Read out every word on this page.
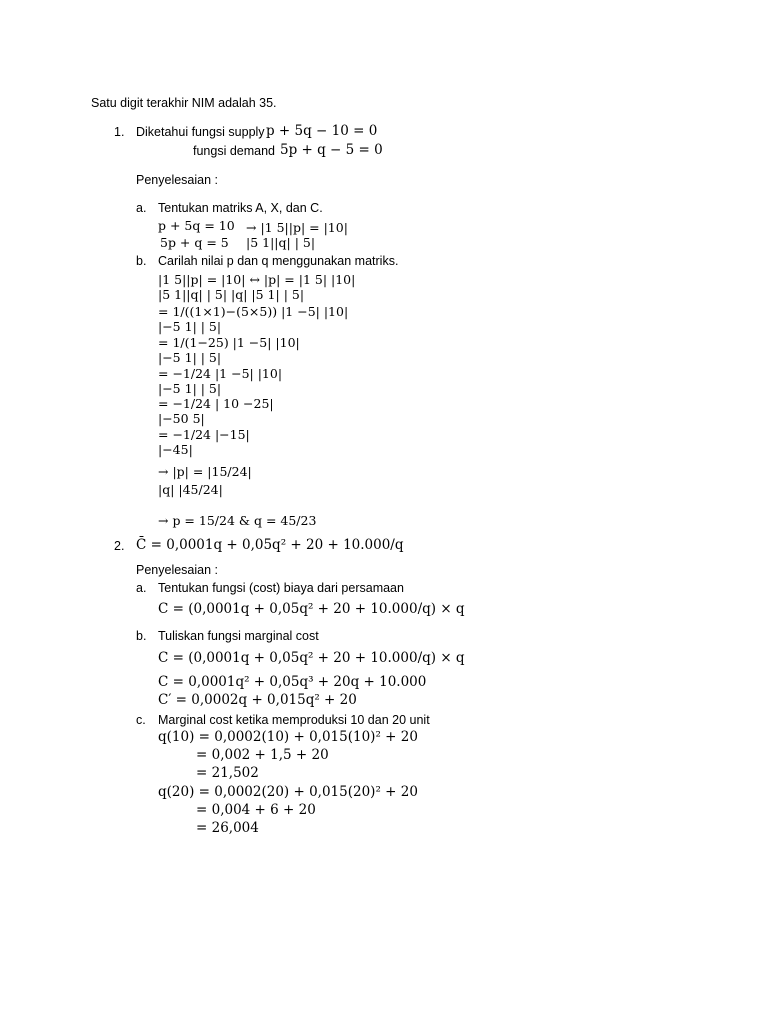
Satu digit terakhir NIM adalah 35.
1. Diketahui fungsi supply p + 5q − 10 = 0
fungsi demand 5p + q − 5 = 0
Penyelesaian :
a. Tentukan matriks A, X, dan C.
p + 5q = 10
5p + q = 5
→ |1 5||p| = |10|
|5 1||q| | 5|
b. Carilah nilai p dan q menggunakan matriks.
|1 5||p| = |10| ↔ |p| = |1 5| |10|
|5 1||q| | 5| |q| |5 1| | 5|
= 1/((1×1)−(5×5)) |1 −5| |10|
|−5 1| | 5|
= 1/(1−25) |1 −5| |10|
|−5 1| | 5|
= −1/24 |1 −5| |10|
|−5 1| | 5|
= −1/24 | 10 −25|
|−50 5|
= −1/24 |−15|
|−45|
→ |p| = |15/24|
|q| |45/24|
→ p = 15/24 & q = 45/23
2. C̄ = 0,0001q + 0,05q² + 20 + 10.000/q
Penyelesaian :
a. Tentukan fungsi (cost) biaya dari persamaan
C = (0,0001q + 0,05q² + 20 + 10.000/q) × q
b. Tuliskan fungsi marginal cost
C = (0,0001q + 0,05q² + 20 + 10.000/q) × q
C = 0,0001q² + 0,05q³ + 20q + 10.000
C′ = 0,0002q + 0,015q² + 20
c. Marginal cost ketika memproduksi 10 dan 20 unit
q(10) = 0,0002(10) + 0,015(10)² + 20
= 0,002 + 1,5 + 20
= 21,502
q(20) = 0,0002(20) + 0,015(20)² + 20
= 0,004 + 6 + 20
= 26,004
